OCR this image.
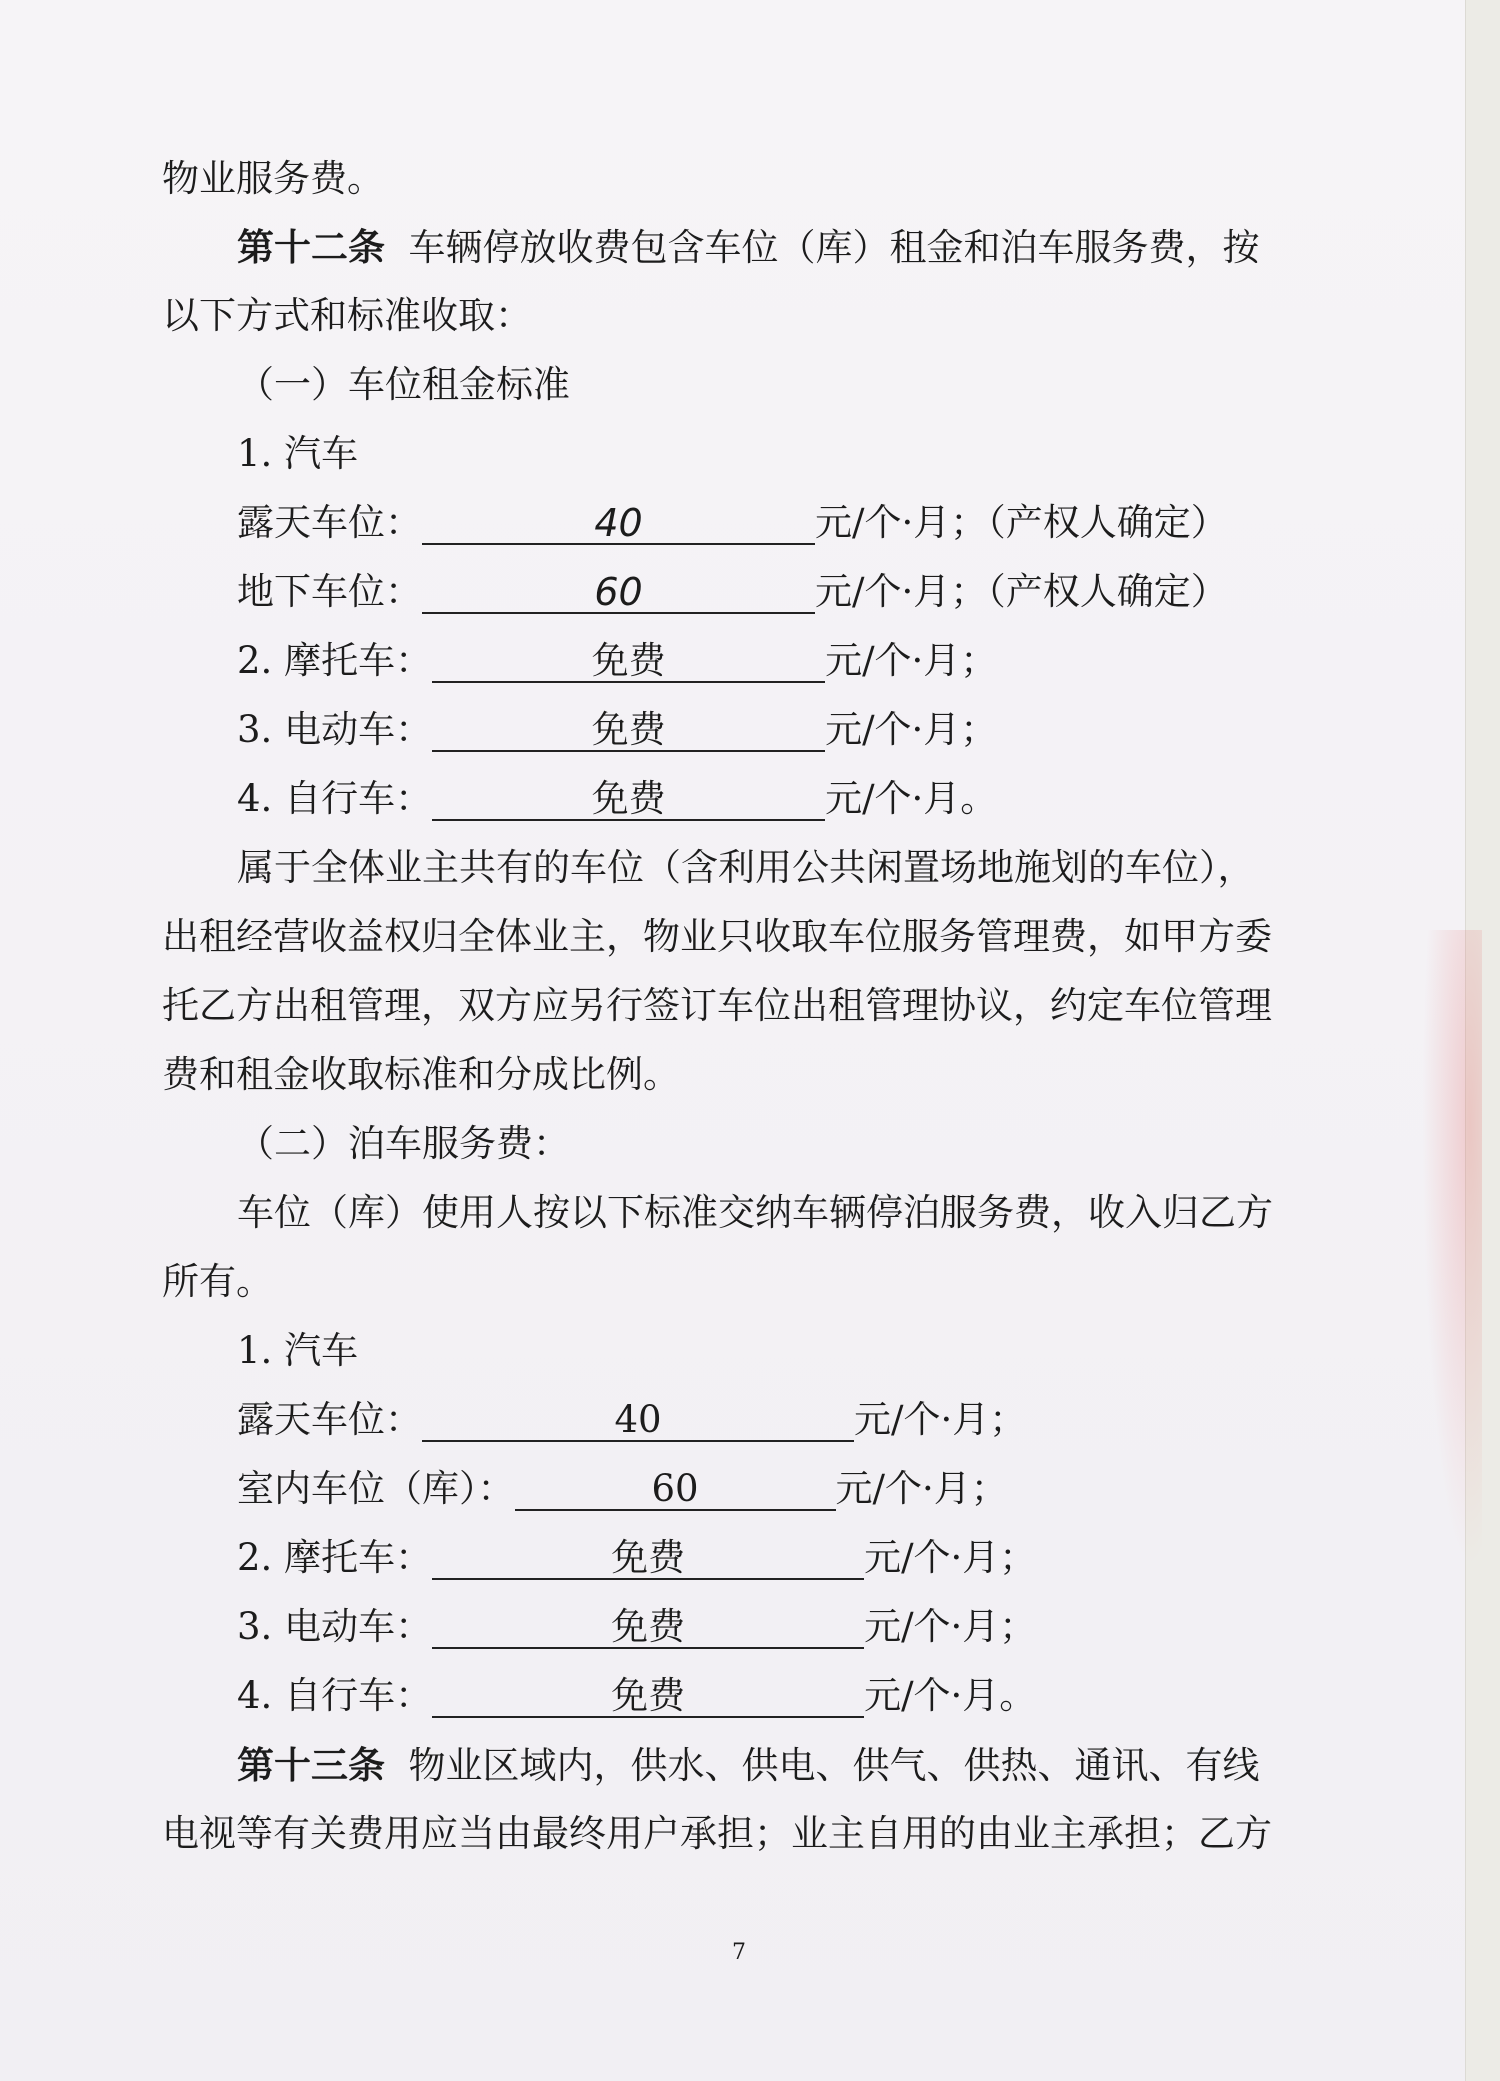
物业服务费。
第十二条 车辆停放收费包含车位（库）租金和泊车服务费，按
以下方式和标准收取：
（一）车位租金标准
1. 汽车
露天车位：	40	元/个·月；（产权人确定）
地下车位：	60	元/个·月；（产权人确定）
2. 摩托车：	免费	元/个·月；
3. 电动车：	免费	元/个·月；
4. 自行车：	免费	元/个·月。
属于全体业主共有的车位（含利用公共闲置场地施划的车位），
出租经营收益权归全体业主，物业只收取车位服务管理费，如甲方委
托乙方出租管理，双方应另行签订车位出租管理协议，约定车位管理
费和租金收取标准和分成比例。
（二）泊车服务费：
车位（库）使用人按以下标准交纳车辆停泊服务费，收入归乙方
所有。
1. 汽车
露天车位：	40	元/个·月；
室内车位（库）：	60	元/个·月；
2. 摩托车：	免费	元/个·月；
3. 电动车：	免费	元/个·月；
4. 自行车：	免费	元/个·月。
第十三条 物业区域内，供水、供电、供气、供热、通讯、有线
电视等有关费用应当由最终用户承担；业主自用的由业主承担；乙方
7
